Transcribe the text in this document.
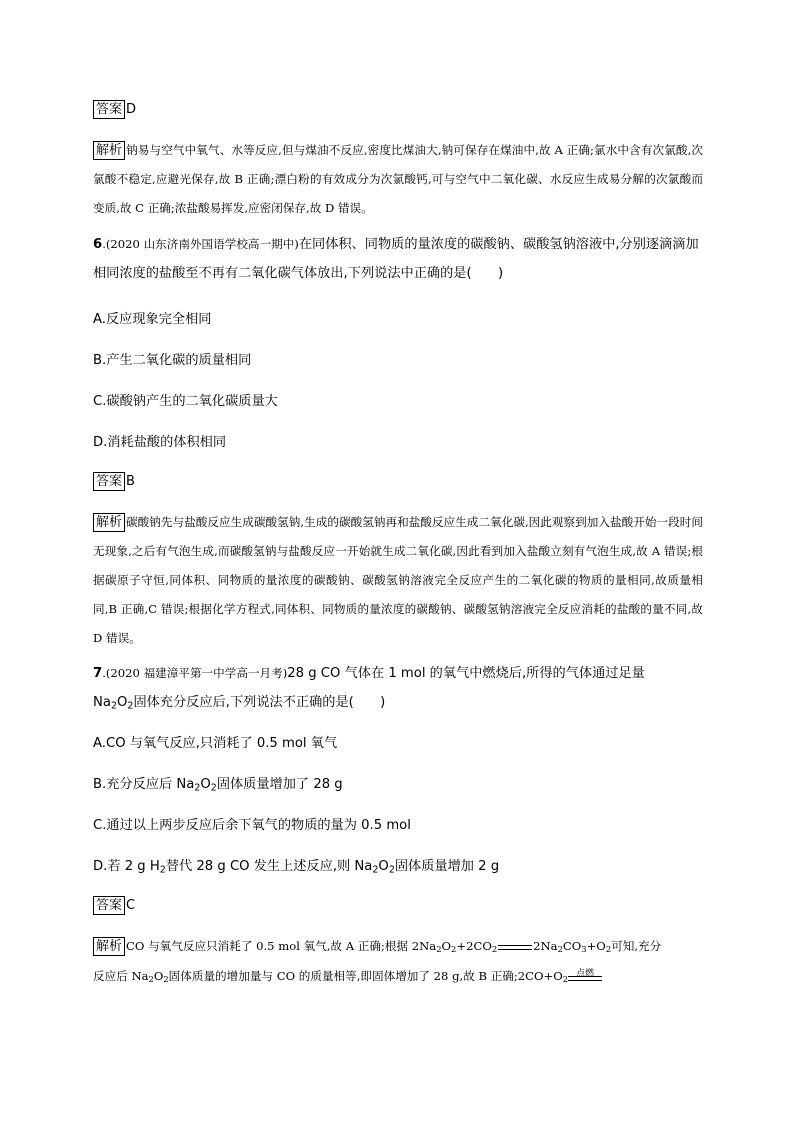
答案 D
解析 钠易与空气中氧气、水等反应,但与煤油不反应,密度比煤油大,钠可保存在煤油中,故 A 正确;氯水中含有次氯酸,次氯酸不稳定,应避光保存,故 B 正确;漂白粉的有效成分为次氯酸钙,可与空气中二氧化碳、水反应生成易分解的次氯酸而变质,故 C 正确;浓盐酸易挥发,应密闭保存,故 D 错误。
6.(2020 山东济南外国语学校高一期中)在同体积、同物质的量浓度的碳酸钠、碳酸氢钠溶液中,分别逐滴滴加相同浓度的盐酸至不再有二氧化碳气体放出,下列说法中正确的是(　　)
A.反应现象完全相同
B.产生二氧化碳的质量相同
C.碳酸钠产生的二氧化碳质量大
D.消耗盐酸的体积相同
答案 B
解析 碳酸钠先与盐酸反应生成碳酸氢钠,生成的碳酸氢钠再和盐酸反应生成二氧化碳,因此观察到加入盐酸开始一段时间无现象,之后有气泡生成,而碳酸氢钠与盐酸反应一开始就生成二氧化碳,因此看到加入盐酸立刻有气泡生成,故 A 错误;根据碳原子守恒,同体积、同物质的量浓度的碳酸钠、碳酸氢钠溶液完全反应产生的二氧化碳的物质的量相同,故质量相同,B 正确,C 错误;根据化学方程式,同体积、同物质的量浓度的碳酸钠、碳酸氢钠溶液完全反应消耗的盐酸的量不同,故 D 错误。
7.(2020 福建漳平第一中学高一月考)28 g CO 气体在 1 mol 的氧气中燃烧后,所得的气体通过足量
$Na_2O_2$固体充分反应后,下列说法不正确的是(　　)
A.CO 与氧气反应,只消耗了 0.5 mol 氧气
B.充分反应后 $Na_2O_2$固体质量增加了 28 g
C.通过以上两步反应后余下氧气的物质的量为 0.5 mol
D.若 2 g $H_2$替代 28 g CO 发生上述反应,则 $Na_2O_2$固体质量增加 2 g
答案 C
解析 CO 与氧气反应只消耗了 0.5 mol 氧气,故 A 正确;根据 $2Na_2O_2+2CO_2$	$2Na_2CO_3+O_2$可知,充分
反应后 $Na_2O_2$固体质量的增加量与 CO 的质量相等,即固体增加了 28 g,故 B 正确$;2CO+O_2$
点燃
